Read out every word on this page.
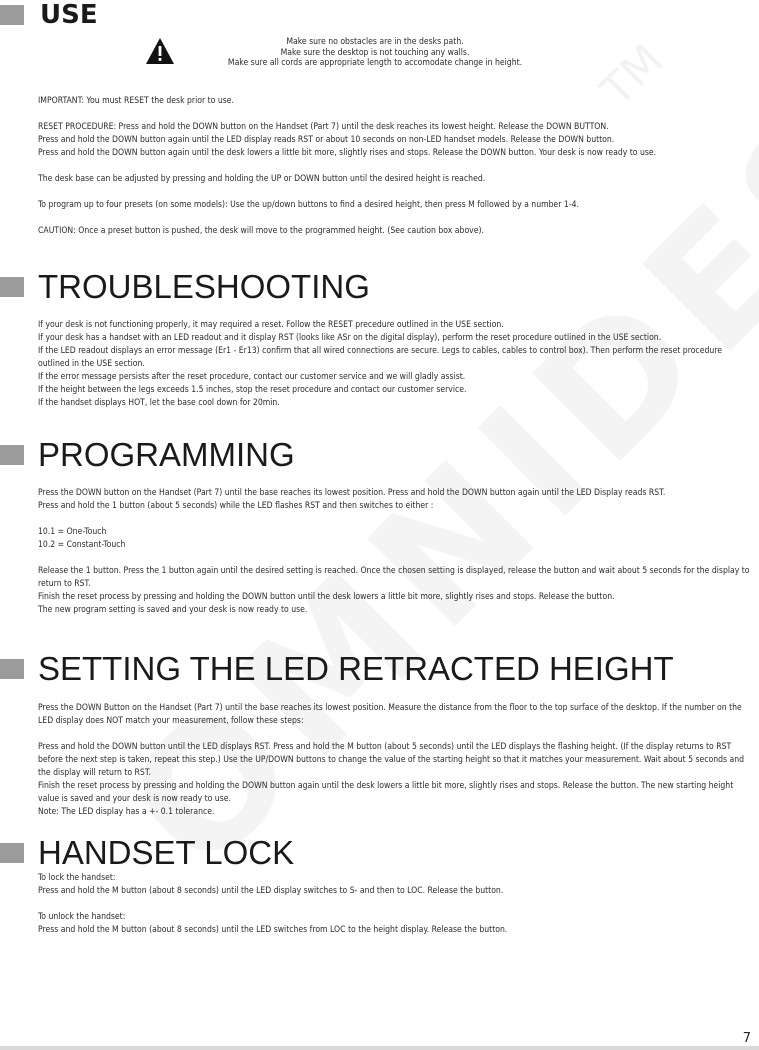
TM
USE

Make sure no obstacles are in the desks path.

Make sure the desktop is not touching any walls.

Make sure all cords are appropriate length to accomodate change in height.

IMPORTANT: You must RESET the desk prior to use.

RESET PROCEDURE: Press and hold the DOWN button on the Handset (Part 7) until the desk reaches its lowest height. Release the DOWN BUTTON.

Press and hold the DOWN button again until the LED display reads RST or about 10 seconds on non-LED handset models. Release the DOWN button.

Press and hold the DOWN button again until the desk lowers a little bit more, slightly rises and stops. Release the DOWN button. Your desk is now ready to use.

The desk base can be adjusted by pressing and holding the UP or DOWN button until the desired height is reached.

To program up to four presets (on some models): Use the up/down buttons to find a desired height, then press M followed by a number 1-4.

CAUTION: Once a preset button is pushed, the desk will move to the programmed height. (See caution box above).

TROUBLESHOOTING

If your desk is not functioning properly, it may required a reset. Follow the RESET precedure outlined in the USE section.

If your desk has a handset with an LED readout and it display RST (looks like ASr on the digital display), perform the reset procedure outlined in the USE section.

If the LED readout displays an error message (Er1 - Er13) confirm that all wired connections are secure. Legs to cables, cables to control box). Then perform the reset procedure outlined in the USE section.

If the error message persists after the reset procedure, contact our customer service and we will gladly assist.

If the height between the legs exceeds 1.5 inches, stop the reset procedure and contact our customer service.

If the handset displays HOT, let the base cool down for 20min.

PROGRAMMING

Press the DOWN button on the Handset (Part 7) until the base reaches its lowest position. Press and hold the DOWN button again until the LED Display reads RST.

Press and hold the 1 button (about 5 seconds) while the LED flashes RST and then switches to either :

10.1 = One-Touch

10.2 = Constant-Touch

Release the 1 button. Press the 1 button again until the desired setting is reached. Once the chosen setting is displayed, release the button and wait about 5 seconds for the display to return to RST.

Finish the reset process by pressing and holding the DOWN button until the desk lowers a little bit more, slightly rises and stops. Release the button.

The new program setting is saved and your desk is now ready to use.

SETTING THE LED RETRACTED HEIGHT

Press the DOWN Button on the Handset (Part 7) until the base reaches its lowest position. Measure the distance from the floor to the top surface of the desktop. If the number on the LED display does NOT match your measurement, follow these steps:

Press and hold the DOWN button until the LED displays RST. Press and hold the M button (about 5 seconds) until the LED displays the flashing height. (If the display returns to RST before the next step is taken, repeat this step.) Use the UP/DOWN buttons to change the value of the starting height so that it matches your measurement. Wait about 5 seconds and the display will return to RST.

Finish the reset process by pressing and holding the DOWN button again until the desk lowers a little bit more, slightly rises and stops. Release the button. The new starting height value is saved and your desk is now ready to use.

Note: The LED display has a +- 0.1 tolerance.

HANDSET LOCK

To lock the handset:

Press and hold the M button (about 8 seconds) until the LED display switches to S- and then to LOC. Release the button.

To unlock the handset:

Press and hold the M button (about 8 seconds) until the LED switches from LOC to the height display. Release the button.

7
